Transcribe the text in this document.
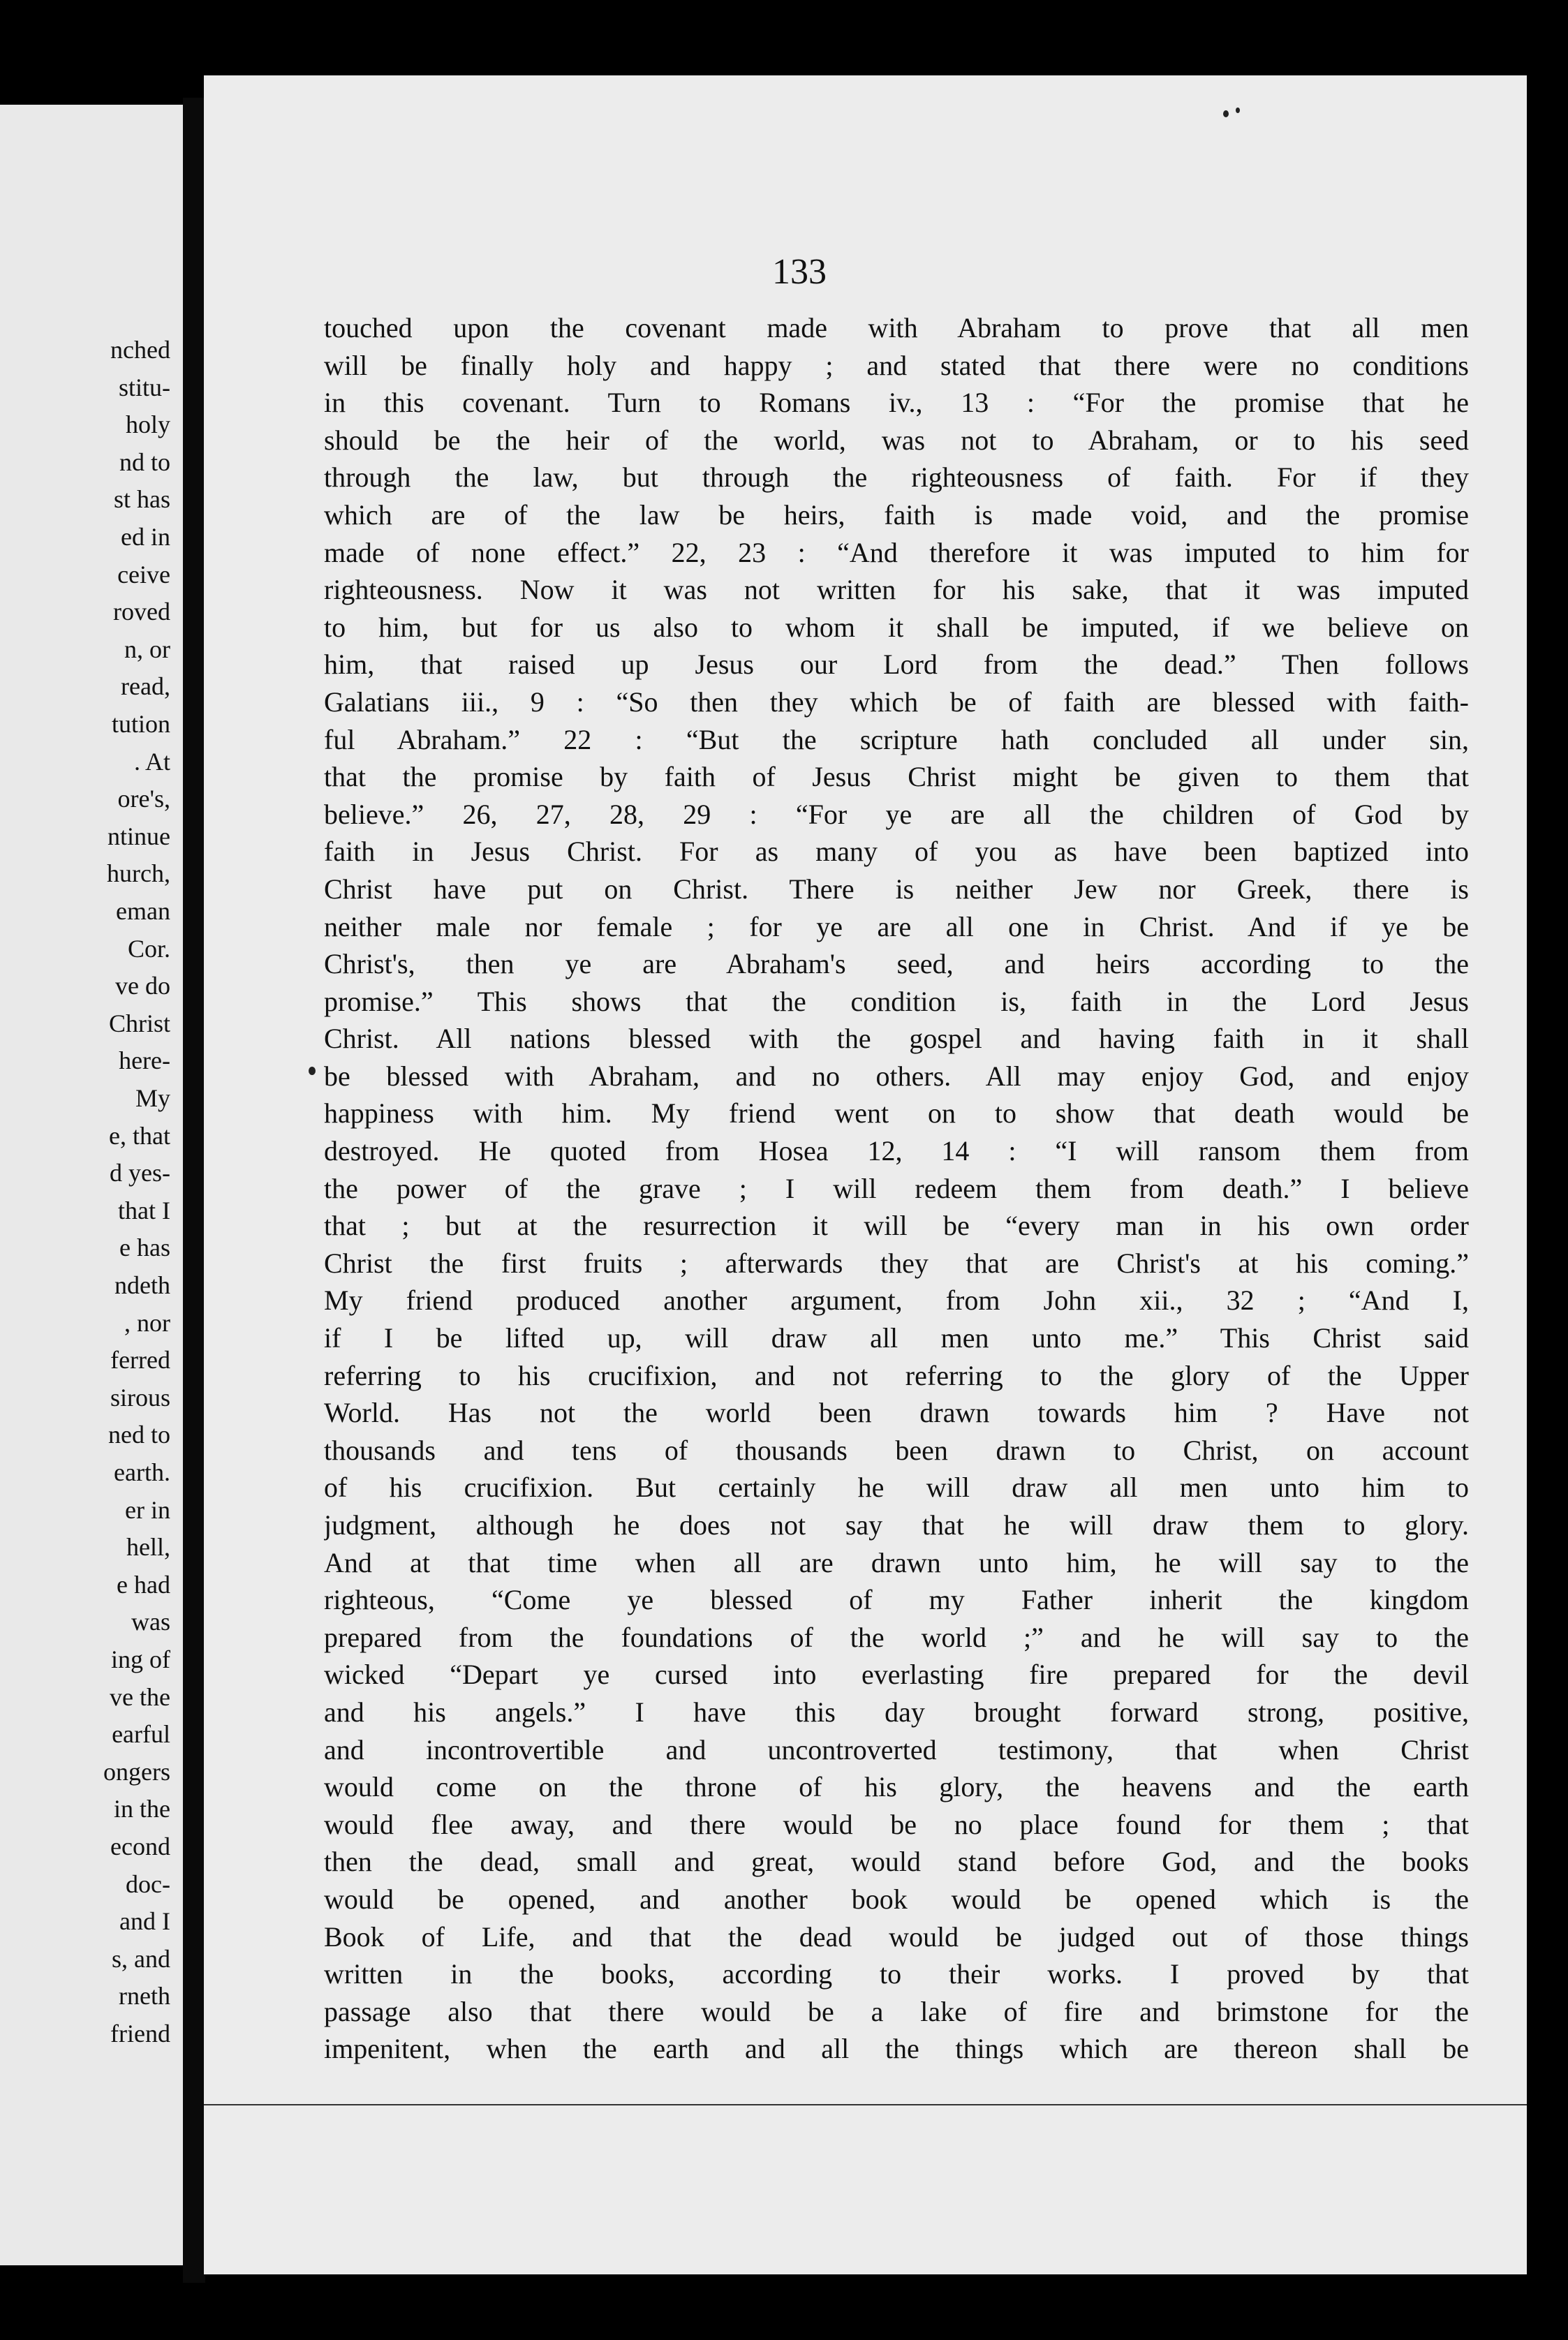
nched
stitu-
holy
nd to
st has
ed in
ceive
roved
n, or
read,
tution
. At
ore's,
ntinue
hurch,
eman
Cor.
ve do
Christ
here-
My
e, that
d yes-
that I
e has
ndeth
, nor
ferred
sirous
ned to
earth.
er in
hell,
e had
was
ing of
ve the
earful
ongers
in the
econd
doc-
and I
s, and
rneth
friend
133
touched upon the covenant made with Abraham to prove that all men
will be finally holy and happy ; and stated that there were no conditions
in this covenant. Turn to Romans iv., 13 : “For the promise that he
should be the heir of the world, was not to Abraham, or to his seed
through the law, but through the righteousness of faith. For if they
which are of the law be heirs, faith is made void, and the promise
made of none effect.” 22, 23 : “And therefore it was imputed to him for
righteousness. Now it was not written for his sake, that it was imputed
to him, but for us also to whom it shall be imputed, if we believe on
him, that raised up Jesus our Lord from the dead.” Then follows
Galatians iii., 9 : “So then they which be of faith are blessed with faith-
ful Abraham.” 22 : “But the scripture hath concluded all under sin,
that the promise by faith of Jesus Christ might be given to them that
believe.” 26, 27, 28, 29 : “For ye are all the children of God by
faith in Jesus Christ. For as many of you as have been baptized into
Christ have put on Christ. There is neither Jew nor Greek, there is
neither male nor female ; for ye are all one in Christ. And if ye be
Christ's, then ye are Abraham's seed, and heirs according to the
promise.” This shows that the condition is, faith in the Lord Jesus
Christ. All nations blessed with the gospel and having faith in it shall
be blessed with Abraham, and no others. All may enjoy God, and enjoy
happiness with him. My friend went on to show that death would be
destroyed. He quoted from Hosea 12, 14 : “I will ransom them from
the power of the grave ; I will redeem them from death.” I believe
that ; but at the resurrection it will be “every man in his own order
Christ the first fruits ; afterwards they that are Christ's at his coming.”
My friend produced another argument, from John xii., 32 ; “And I,
if I be lifted up, will draw all men unto me.” This Christ said
referring to his crucifixion, and not referring to the glory of the Upper
World. Has not the world been drawn towards him ? Have not
thousands and tens of thousands been drawn to Christ, on account
of his crucifixion. But certainly he will draw all men unto him to
judgment, although he does not say that he will draw them to glory.
And at that time when all are drawn unto him, he will say to the
righteous, “Come ye blessed of my Father inherit the kingdom
prepared from the foundations of the world ;” and he will say to the
wicked “Depart ye cursed into everlasting fire prepared for the devil
and his angels.” I have this day brought forward strong, positive,
and incontrovertible and uncontroverted testimony, that when Christ
would come on the throne of his glory, the heavens and the earth
would flee away, and there would be no place found for them ; that
then the dead, small and great, would stand before God, and the books
would be opened, and another book would be opened which is the
Book of Life, and that the dead would be judged out of those things
written in the books, according to their works. I proved by that
passage also that there would be a lake of fire and brimstone for the
impenitent, when the earth and all the things which are thereon shall be
